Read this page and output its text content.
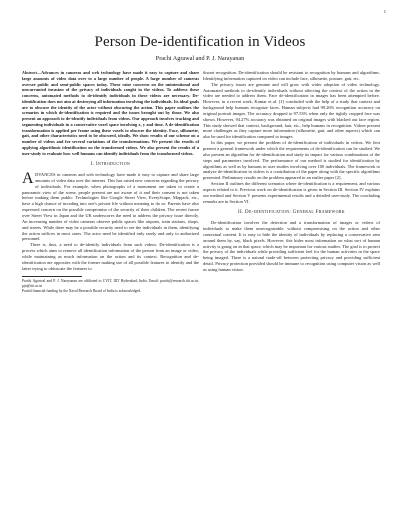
1
Person De-identification in Videos
Prachi Agrawal and P. J. Narayanan

Abstract—Advances in cameras and web technology have made it easy to capture and share large amounts of video data over to a large number of people. A large number of cameras oversee public and semi-public spaces today. These raise concerns on the unintentional and unwarranted invasion of the privacy of individuals caught in the videos. To address these concerns, automated methods to de-identify individuals in these videos are necessary. De-identification does not aim at destroying all information involving the individuals. Its ideal goals are to obscure the identity of the actor without obscuring the action. This paper outlines the scenarios in which de-identification is required and the issues brought out by those. We also present an approach to de-identify individuals from videos. Our approach involves tracking and segmenting individuals in a conservative voxel space involving x, y and time. A de-identification transformation is applied per frame using these voxels to obscure the identity. Face, silhouette, gait, and other characteristics need to be obscured, ideally. We show results of our scheme on a number of videos and for several variations of the transformations. We present the results of applying algorithmic identification on the transformed videos. We also present the results of a user-study to evaluate how well humans can identify individuals from the transformed videos.

I. Introduction

ADVANCES in cameras and web technology have made it easy to capture and share large amounts of video data over the internet. This has raised new concerns regarding the privacy of individuals. For example, when photographs of a monument are taken to create a panoramic view of the scene, people present are not aware of it and their consent is not taken before making them public. Technologies like Google Street View, EveryScape, Mapjack, etc., have a high chance of invading into one's private life without meaning to do so. Parents have also expressed concern on the possible compromise of the security of their children. The recent furore over Street View in Japan and the UK underscores the need to address the privacy issue directly. An increasing number of video cameras observe public spaces like airports, train stations, shops, and streets. While there may be a possible security need to see the individuals in them, identifying the action suffices in most cases. The actor need be identified only rarely and only to authorized personnel.

There is, thus, a need to de-identify individuals from such videos. De-identification is a process which aims to remove all identification information of the person from an image or video, while maintaining as much information on the action and its context. Recognition and de-identification are opposites with the former making use of all possible features to identify and the latter trying to obfuscate the features to

Prachi Agrawal and P. J. Narayanan are affiliated to CVIT, IIIT Hyderabad, India. Email: prachi@research.iiit.ac.in, pjn@iiit.ac.in

Partial financial funding by the Naval Research Board of India is acknowledged.

thwart recognition. De-identification should be resistant to recognition by humans and algorithms. Identifying information captured on video can include face, silhouette, posture, gait, etc.

The privacy issues are genuine and will grow with wider adoption of video technology. Automated methods to de-identify individuals without affecting the context of the action in the video are needed to address them. Face de-identification in images has been attempted before. However, in a recent work, Kumar et al. [1] concluded with the help of a study that context and background help humans recognize faces. Human subjects had 99.26% recognition accuracy on original portrait images. The accuracy dropped to 97.53% when only the tightly cropped face was shown. However, 94.27% accuracy was obtained on original images with blacked out face region. This study showed that context, background, hair, etc., help humans in recognition. Videos present more challenges as they capture more information (silhouette, gait, and other aspects) which can also be used for identification compared to images.

In this paper, we present the problem of de-identification of individuals in videos. We first present a general framework under which the requirements of de-identification can be studied. We also present an algorithm for de-identification and study its impact for various combinations of the steps and parameters involved. The performance of our method is studied for identification by algorithms as well as by humans in user studies involving over 100 individuals. The framework to analyze de-identification in videos is a contribution of the paper along with the specific algorithms presented. Preliminary results on the problem appeared in an earlier paper [2].

Section II outlines the different scenarios where de-identification is a requirement, and various aspects related to it. Previous work on de-identification is given in Section III. Section IV explains our method and Section V presents experimental results and a detailed user-study. The concluding remarks are in Section VI.

II. De-identification: General Framework

De-identification involves the detection and a transformation of images or videos of individuals to make them unrecognizable, without compromising on the action and other contextual content. It is easy to hide the identity of individuals by replacing a conservative area around them by, say, black pixels. However, this hides most information on what sort of human activity is going on in that space, which may be important for various studies. The goal is to protect the privacy of the individuals while providing sufficient feel for the human activities in the space being imaged. There is a natural trade-off between protecting privacy and providing sufficient detail. Privacy protection provided should be immune to recognition using computer vision as well as using human vision.
